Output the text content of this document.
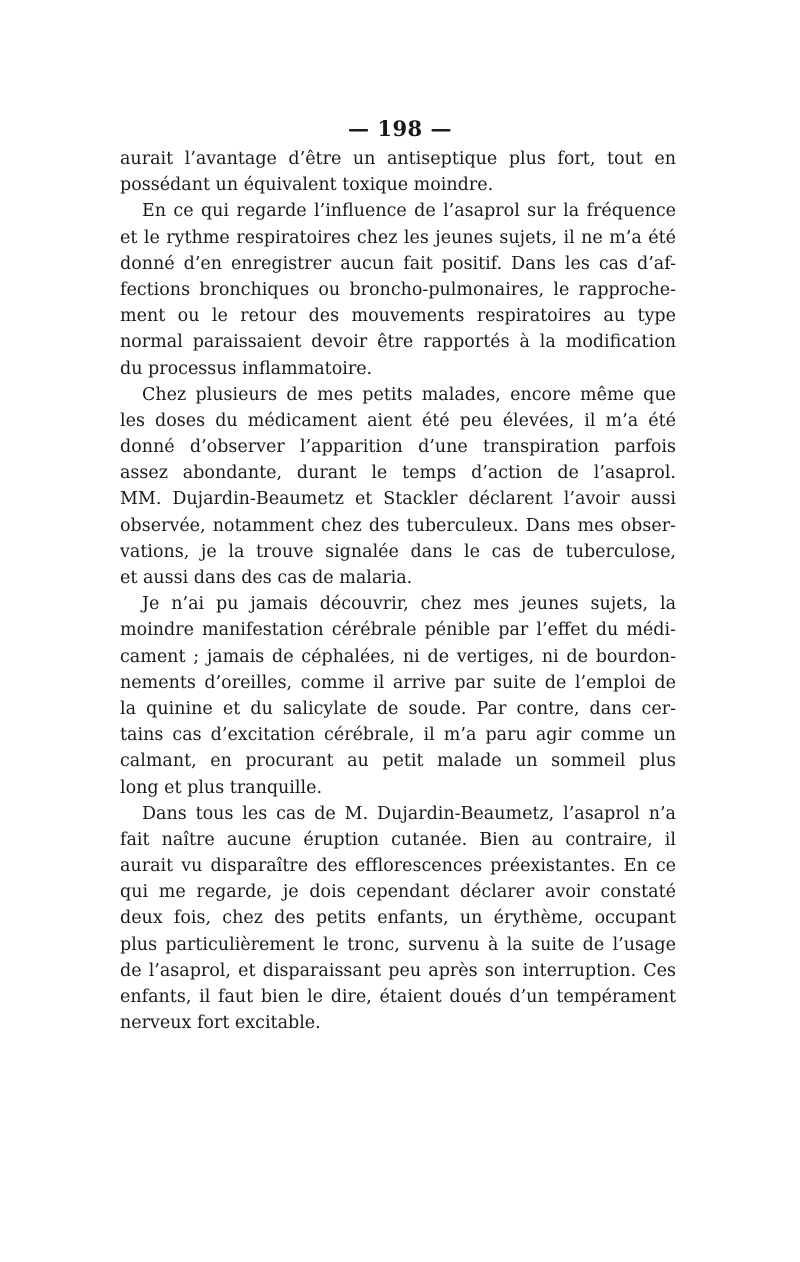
— 198 —
aurait l’avantage d’être un antiseptique plus fort, tout en
possédant un équivalent toxique moindre.
En ce qui regarde l’influence de l’asaprol sur la fréquence
et le rythme respiratoires chez les jeunes sujets, il ne m’a été
donné d’en enregistrer aucun fait positif. Dans les cas d’af-
fections bronchiques ou broncho-pulmonaires, le rapproche-
ment ou le retour des mouvements respiratoires au type
normal paraissaient devoir être rapportés à la modification
du processus inflammatoire.
Chez plusieurs de mes petits malades, encore même que
les doses du médicament aient été peu élevées, il m’a été
donné d’observer l’apparition d’une transpiration parfois
assez abondante, durant le temps d’action de l’asaprol.
MM. Dujardin-Beaumetz et Stackler déclarent l’avoir aussi
observée, notamment chez des tuberculeux. Dans mes obser-
vations, je la trouve signalée dans le cas de tuberculose,
et aussi dans des cas de malaria.
Je n’ai pu jamais découvrir, chez mes jeunes sujets, la
moindre manifestation cérébrale pénible par l’effet du médi-
cament ; jamais de céphalées, ni de vertiges, ni de bourdon-
nements d’oreilles, comme il arrive par suite de l’emploi de
la quinine et du salicylate de soude. Par contre, dans cer-
tains cas d’excitation cérébrale, il m’a paru agir comme un
calmant, en procurant au petit malade un sommeil plus
long et plus tranquille.
Dans tous les cas de M. Dujardin-Beaumetz, l’asaprol n’a
fait naître aucune éruption cutanée. Bien au contraire, il
aurait vu disparaître des efflorescences préexistantes. En ce
qui me regarde, je dois cependant déclarer avoir constaté
deux fois, chez des petits enfants, un érythème, occupant
plus particulièrement le tronc, survenu à la suite de l’usage
de l’asaprol, et disparaissant peu après son interruption. Ces
enfants, il faut bien le dire, étaient doués d’un tempérament
nerveux fort excitable.
